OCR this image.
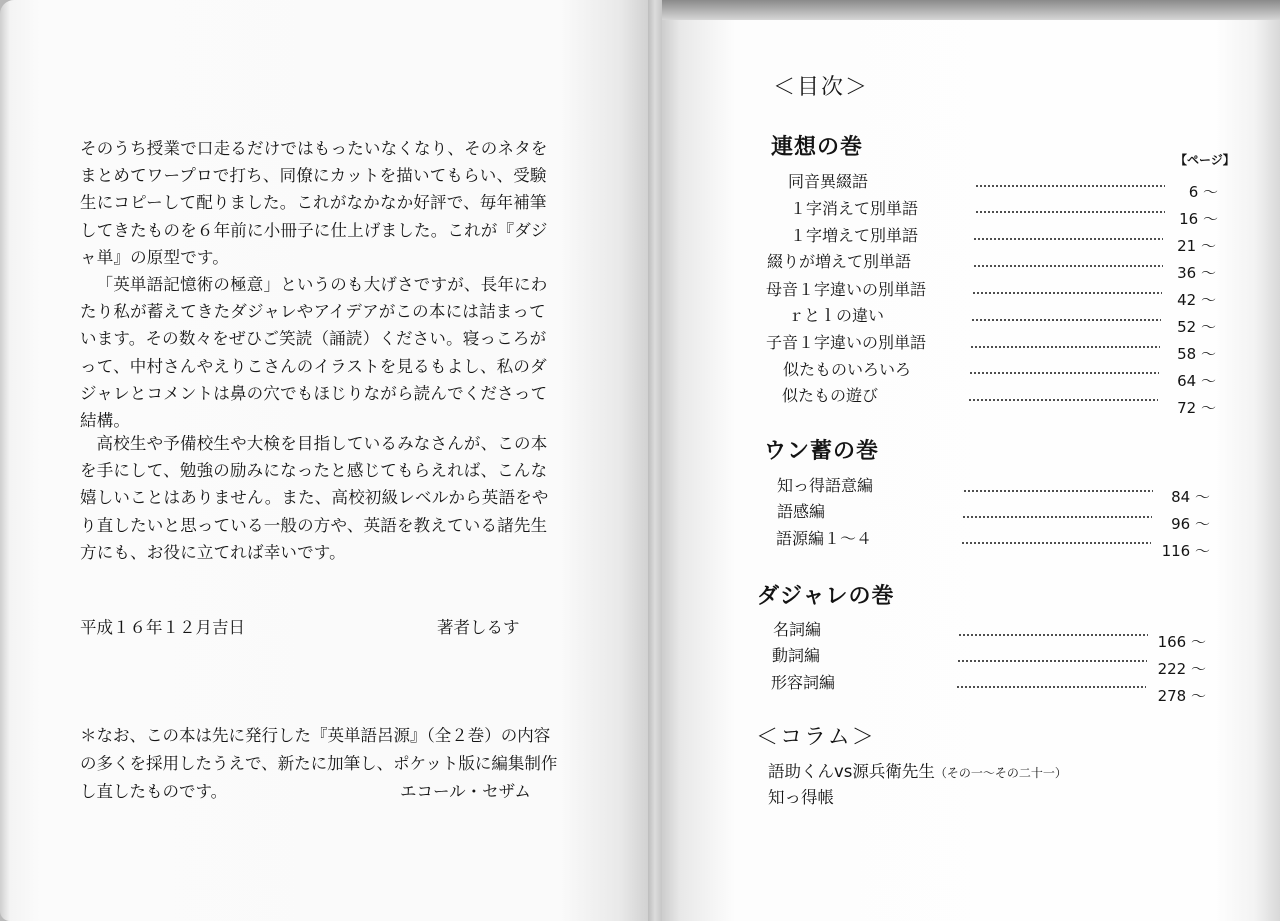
そのうち授業で口走るだけではもったいなくなり、そのネタをまとめてワープロで打ち、同僚にカットを描いてもらい、受験生にコピーして配りました。これがなかなか好評で、毎年補筆してきたものを６年前に小冊子に仕上げました。これが『ダジャ単』の原型です。

「英単語記憶術の極意」というのも大げさですが、長年にわたり私が蓄えてきたダジャレやアイデアがこの本には詰まっています。その数々をぜひご笑読（誦読）ください。寝っころがって、中村さんやえりこさんのイラストを見るもよし、私のダジャレとコメントは鼻の穴でもほじりながら読んでくださって結構。

高校生や予備校生や大検を目指しているみなさんが、この本を手にして、勉強の励みになったと感じてもらえれば、こんな嬉しいことはありません。また、高校初級レベルから英語をやり直したいと思っている一般の方や、英語を教えている諸先生方にも、お役に立てれば幸いです。

平成１６年１２月吉日	著者しるす

＊なお、この本は先に発行した『英単語呂源』（全２巻）の内容の多くを採用したうえで、新たに加筆し、ポケット版に編集制作し直したものです。	エコール・セザム
＜目次＞
【ページ】
連想の巻
同音異綴語
6 ～
１字消えて別単語
16 ～
１字増えて別単語
21 ～
綴りが増えて別単語
36 ～
母音１字違いの別単語
42 ～
ｒとｌの違い
52 ～
子音１字違いの別単語
58 ～
似たものいろいろ
64 ～
似たもの遊び
72 ～
ウン蓄の巻
知っ得語意編
84 ～
語感編
96 ～
語源編１～４
116 ～
ダジャレの巻
名詞編
166 ～
動詞編
222 ～
形容詞編
278 ～
＜コラム＞
語助くんvs源兵衛先生（その一～その二十一）
知っ得帳
